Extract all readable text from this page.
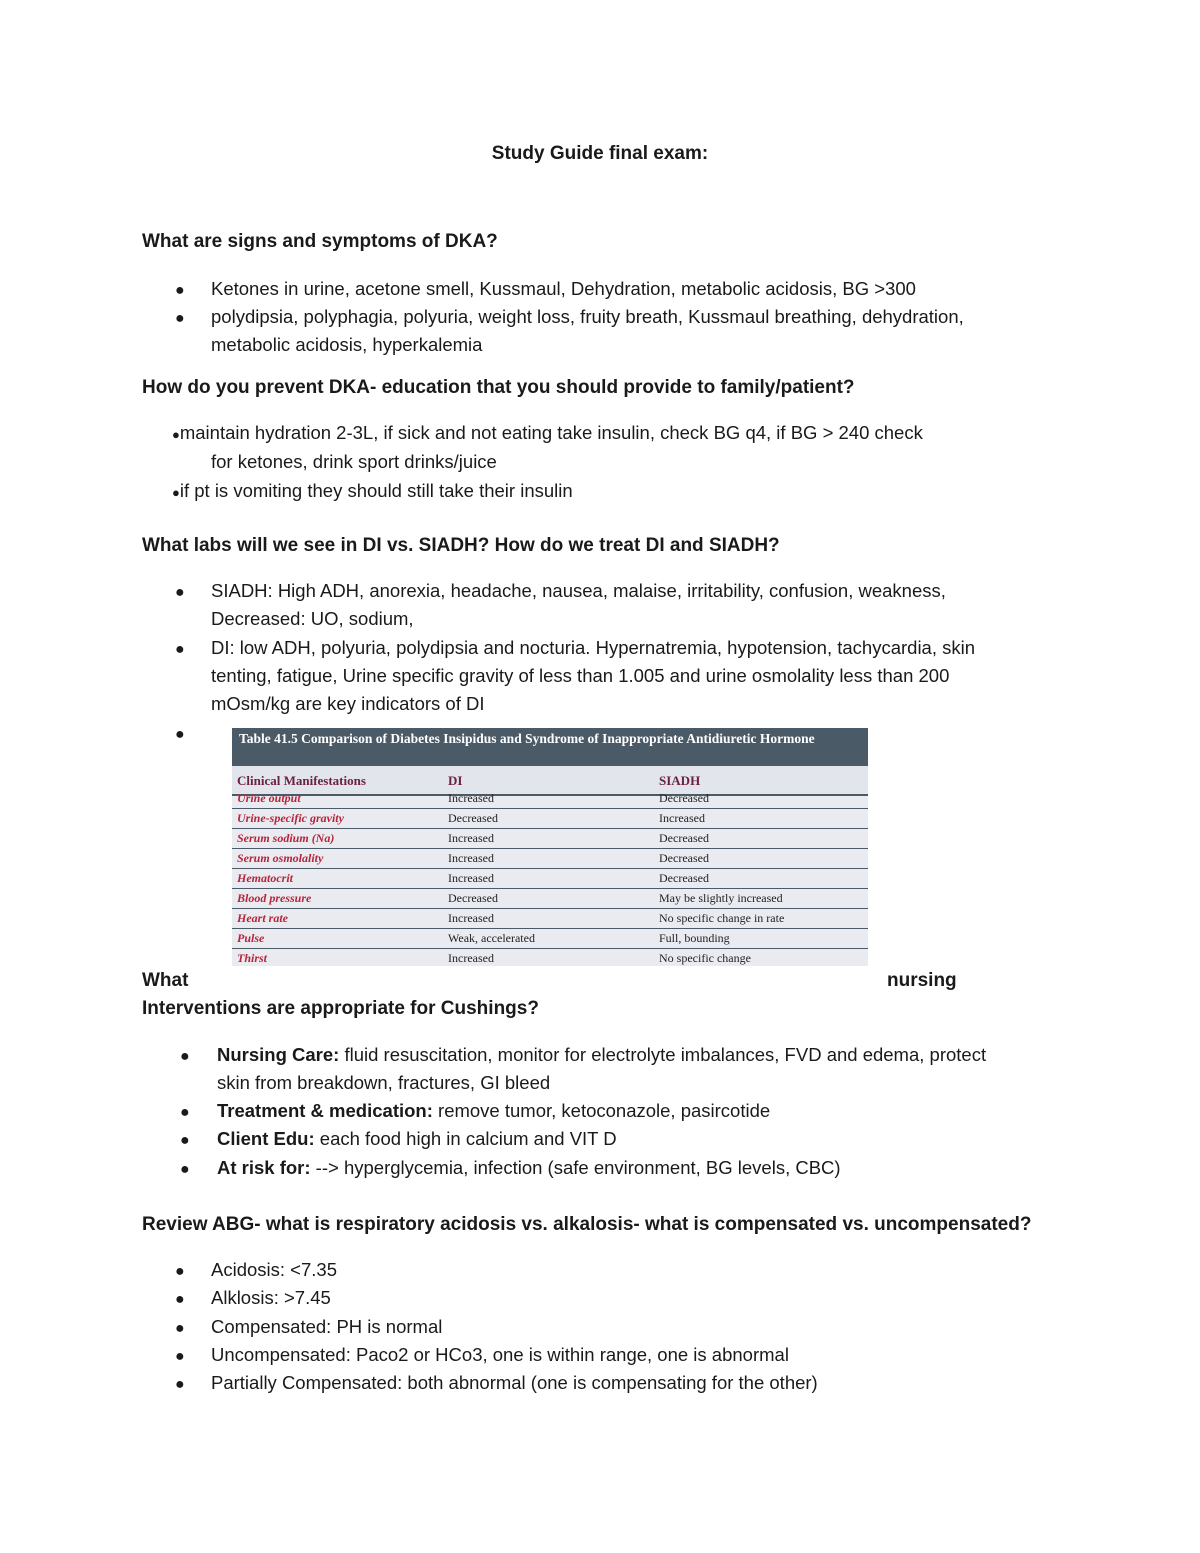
Study Guide final exam:
What are signs and symptoms of DKA?
● Ketones in urine, acetone smell, Kussmaul, Dehydration, metabolic acidosis, BG >300
● polydipsia, polyphagia, polyuria, weight loss, fruity breath, Kussmaul breathing, dehydration,
metabolic acidosis, hyperkalemia
How do you prevent DKA- education that you should provide to family/patient?
●maintain hydration 2-3L, if sick and not eating take insulin, check BG q4, if BG > 240 check
for ketones, drink sport drinks/juice
●if pt is vomiting they should still take their insulin
What labs will we see in DI vs. SIADH? How do we treat DI and SIADH?
● SIADH: High ADH, anorexia, headache, nausea, malaise, irritability, confusion, weakness,
Decreased: UO, sodium,
● DI: low ADH, polyuria, polydipsia and nocturia. Hypernatremia, hypotension, tachycardia, skin
tenting, fatigue, Urine specific gravity of less than 1.005 and urine osmolality less than 200
mOsm/kg are key indicators of DI
●	Table 41.5 Comparison of Diabetes Insipidus and Syndrome of Inappropriate Antidiuretic Hormone
Clinical Manifestations	DI	SIADH
Urine output	Increased	Decreased
Urine-specific gravity	Decreased	Increased
Serum sodium (Na)	Increased	Decreased
Serum osmolality	Increased	Decreased
Hematocrit	Increased	Decreased
Blood pressure	Decreased	May be slightly increased
Heart rate	Increased	No specific change in rate
Pulse	Weak, accelerated	Full, bounding
Thirst	Increased	No specific change
What	nursing
Interventions are appropriate for Cushings?
● Nursing Care: fluid resuscitation, monitor for electrolyte imbalances, FVD and edema, protect
skin from breakdown, fractures, GI bleed
● Treatment & medication: remove tumor, ketoconazole, pasircotide
● Client Edu: each food high in calcium and VIT D
● At risk for: --> hyperglycemia, infection (safe environment, BG levels, CBC)
Review ABG- what is respiratory acidosis vs. alkalosis- what is compensated vs. uncompensated?
● Acidosis: <7.35
● Alklosis: >7.45
● Compensated: PH is normal
● Uncompensated: Paco2 or HCo3, one is within range, one is abnormal
● Partially Compensated: both abnormal (one is compensating for the other)
